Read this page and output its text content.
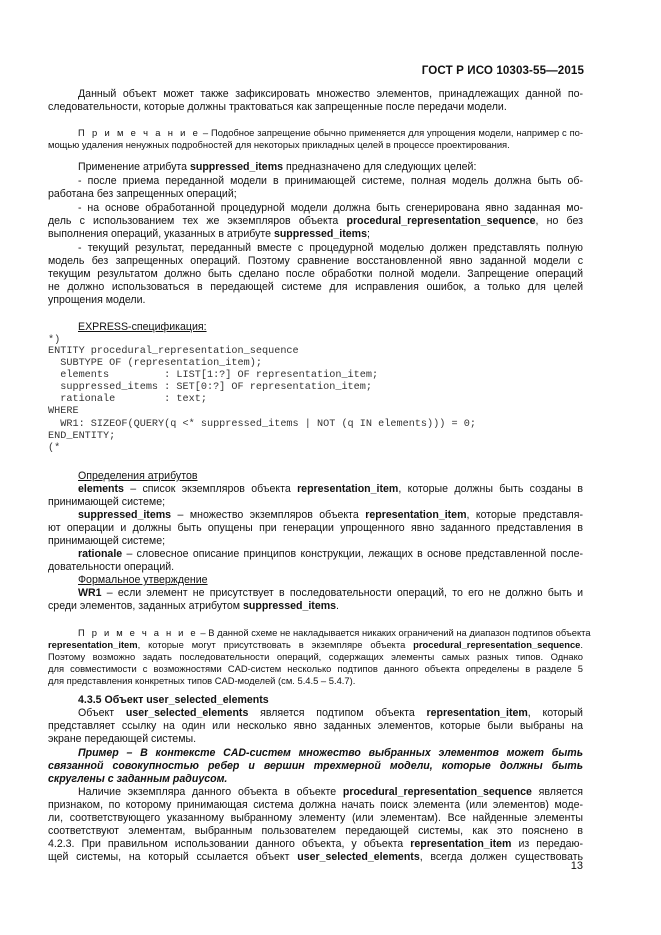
ГОСТ Р ИСО 10303-55—2015
Данный объект может также зафиксировать множество элементов, принадлежащих данной по-
следовательности, которые должны трактоваться как запрещенные после передачи модели.
П р и м е ч а н и е – Подобное запрещение обычно применяется для упрощения модели, например с по-
мощью удаления ненужных подробностей для некоторых прикладных целей в процессе проектирования.
Применение атрибута suppressed_items предназначено для следующих целей:
- после приема переданной модели в принимающей системе, полная модель должна быть об-
работана без запрещенных операций;
- на основе обработанной процедурной модели должна быть сгенерирована явно заданная мо-
дель с использованием тех же экземпляров объекта procedural_representation_sequence, но без
выполнения операций, указанных в атрибуте suppressed_items;
- текущий результат, переданный вместе с процедурной моделью должен представлять полную
модель без запрещенных операций. Поэтому сравнение восстановленной явно заданной модели с
текущим результатом должно быть сделано после обработки полной модели. Запрещение операций
не должно использоваться в передающей системе для исправления ошибок, а только для целей
упрощения модели.
EXPRESS-спецификация:
*)
ENTITY procedural_representation_sequence
SUBTYPE OF (representation_item);
elements         : LIST[1:?] OF representation_item;
suppressed_items : SET[0:?] OF representation_item;
rationale        : text;
WHERE
WR1: SIZEOF(QUERY(q <* suppressed_items | NOT (q IN elements))) = 0;
END_ENTITY;
(*
Определения атрибутов
elements – список экземпляров объекта representation_item, которые должны быть созданы в
принимающей системе;
suppressed_items – множество экземпляров объекта representation_item, которые представля-
ют операции и должны быть опущены при генерации упрощенного явно заданного представления в
принимающей системе;
rationale – словесное описание принципов конструкции, лежащих в основе представленной после-
довательности операций.
Формальное утверждение
WR1 – если элемент не присутствует в последовательности операций, то его не должно быть и
среди элементов, заданных атрибутом suppressed_items.
П р и м е ч а н и е – В данной схеме не накладывается никаких ограничений на диапазон подтипов объекта
representation_item, которые могут присутствовать в экземпляре объекта procedural_representation_sequence.
Поэтому возможно задать последовательности операций, содержащих элементы самых разных типов. Однако
для совместимости с возможностями CAD-систем несколько подтипов данного объекта определены в разделе 5
для представления конкретных типов CAD-моделей (см. 5.4.5 – 5.4.7).
4.3.5 Объект user_selected_elements
Объект user_selected_elements является подтипом объекта representation_item, который
представляет ссылку на один или несколько явно заданных элементов, которые были выбраны на
экране передающей системы.
Пример – В контексте CAD-систем множество выбранных элементов может быть
связанной совокупностью ребер и вершин трехмерной модели, которые должны быть
скруглены с заданным радиусом.
Наличие экземпляра данного объекта в объекте procedural_representation_sequence является
признаком, по которому принимающая система должна начать поиск элемента (или элементов) моде-
ли, соответствующего указанному выбранному элементу (или элементам). Все найденные элементы
соответствуют элементам, выбранным пользователем передающей системы, как это пояснено в
4.2.3. При правильном использовании данного объекта, у объекта representation_item из передаю-
щей системы, на который ссылается объект user_selected_elements, всегда должен существовать
13
